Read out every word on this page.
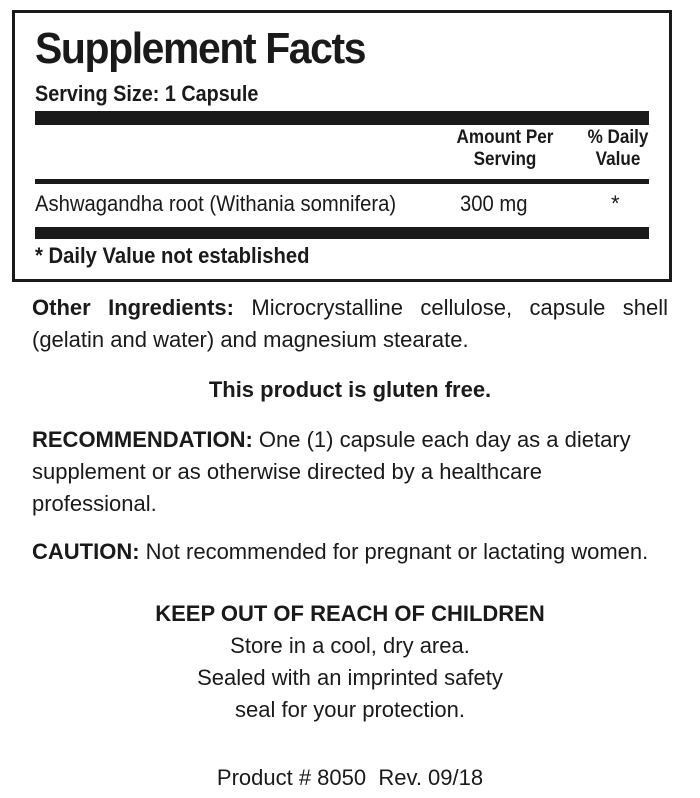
Supplement Facts
Serving Size: 1 Capsule
Amount Per
Serving
% Daily
Value
Ashwagandha root (Withania somnifera)	300 mg	*
* Daily Value not established
Other Ingredients: Microcrystalline cellulose, capsule shell (gelatin and water) and magnesium stearate.
This product is gluten free.
RECOMMENDATION: One (1) capsule each day as a dietary supplement or as otherwise directed by a healthcare professional.
CAUTION: Not recommended for pregnant or lactating women.
KEEP OUT OF REACH OF CHILDREN
Store in a cool, dry area.
Sealed with an imprinted safety
seal for your protection.
Product # 8050  Rev. 09/18
